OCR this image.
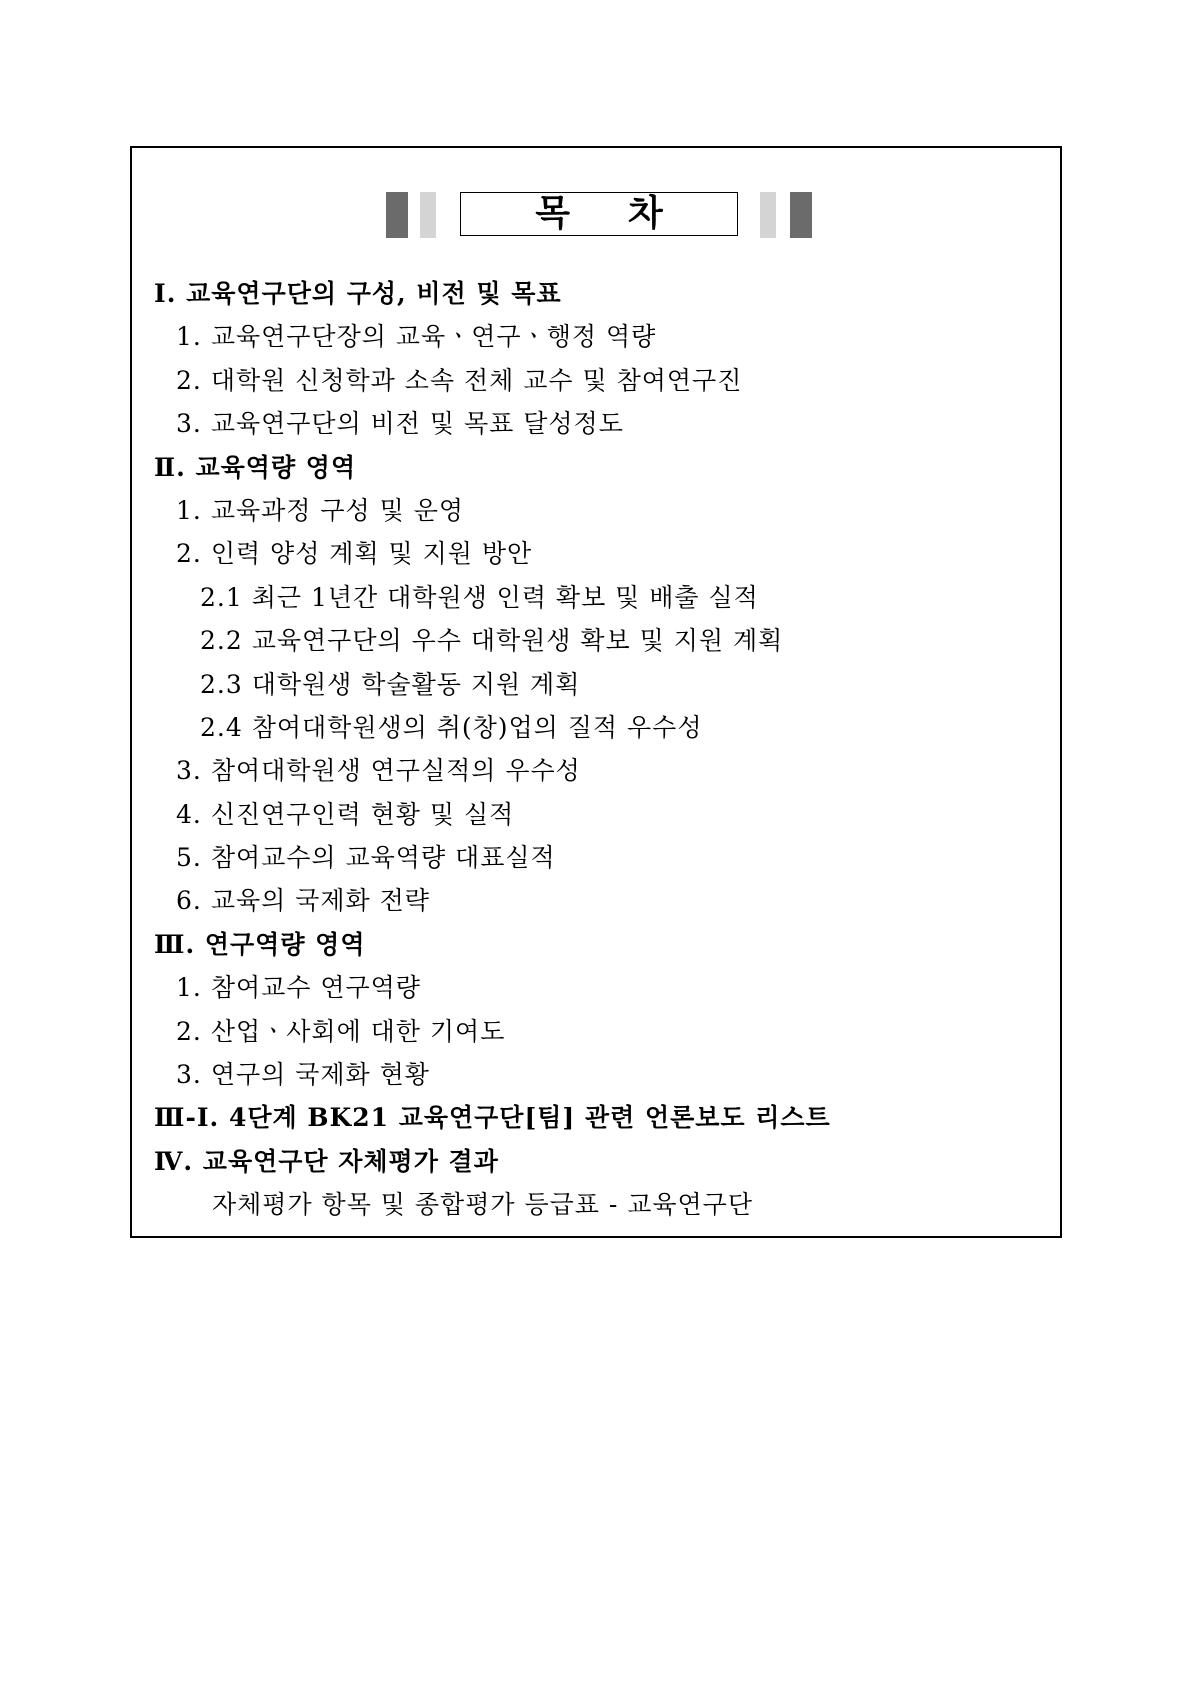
목 차
Ⅰ. 교육연구단의 구성, 비전 및 목표
1. 교육연구단장의 교육ㆍ연구ㆍ행정 역량
2. 대학원 신청학과 소속 전체 교수 및 참여연구진
3. 교육연구단의 비전 및 목표 달성정도
Ⅱ. 교육역량 영역
1. 교육과정 구성 및 운영
2. 인력 양성 계획 및 지원 방안
2.1 최근 1년간 대학원생 인력 확보 및 배출 실적
2.2 교육연구단의 우수 대학원생 확보 및 지원 계획
2.3 대학원생 학술활동 지원 계획
2.4 참여대학원생의 취(창)업의 질적 우수성
3. 참여대학원생 연구실적의 우수성
4. 신진연구인력 현황 및 실적
5. 참여교수의 교육역량 대표실적
6. 교육의 국제화 전략
Ⅲ. 연구역량 영역
1. 참여교수 연구역량
2. 산업ㆍ사회에 대한 기여도
3. 연구의 국제화 현황
Ⅲ-Ⅰ. 4단계 BK21 교육연구단[팀] 관련 언론보도 리스트
Ⅳ. 교육연구단 자체평가 결과
자체평가 항목 및 종합평가 등급표 - 교육연구단
